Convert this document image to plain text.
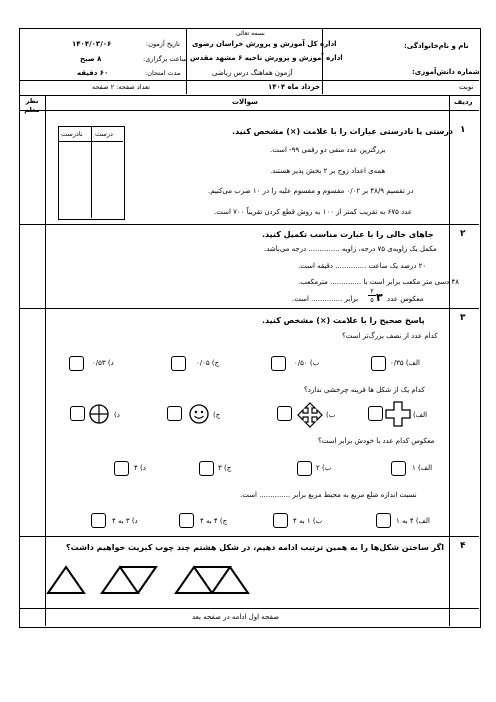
بسمه تعالی
اداره کل آموزش و پرورش خراسان رضوی
اداره آموزش و پرورش ناحیه ۶ مشهد مقدس
آزمون هماهنگ درس ریاضی
نام و نام‌خانوادگی:
شماره دانش‌آموزی:
نوبت
خرداد ماه ۱۴۰۴
تاریخ آزمون:
۱۴۰۴/۰۳/۰۶
ساعت برگزاری:
۸ صبح
مدت امتحان:
۶۰ دقیقه
تعداد صفحه: ۲ صفحه
ردیف
سوالات
نظر معلم
۱
درستی یا نادرستی عبارات را با علامت (×) مشخص کنید.
درست
نادرست
بزرگترین عدد منفی دو رقمی ۹۹- است.
همه‌ی اعداد زوج بر ۲ بخش پذیر هستند.
در تقسیم ۴۸/۹ بر ۰/۰۲ مقسوم و مقسوم علیه را در ۱۰ ضرب می‌کنیم.
عدد ۶۷۵ به تقریب کمتر از ۱۰۰ به روش قطع کردن تقریباً ۷۰۰ است.
۲
جاهای خالی را با عبارت مناسب تکمیل کنید.
مکمل یک زاویه‌ی ۷۵ درجه، زاویه .............. درجه می‌باشد.
۲۰ درصد یک ساعت .............. دقیقه است.
۴۸ دسی متر مکعب برابر است با .............. مترمکعب.
معکوس عدد
۳
۲
۵
برابر .............. است.
۳
پاسخ صحیح را با علامت (×) مشخص کنید.
کدام عدد از نصف بزرگ‌تر است؟
الف) ۰/۳۵
ب) ۰/۵۰
ج) ۰/۰۵
د) ۰/۵۳
کدام یک از شکل ها قرینه چرخشی ندارد؟
الف)
ب)
ج)
د)
معکوس کدام عدد با خودش برابر است؟
الف) ۱
ب) ۲
ج) ۳
د) ۴
نسبت اندازه ضلع مربع به محیط مربع برابر .............. است.
الف) ۴ به ۱
ب) ۱ به ۴
ج) ۴ به ۴
د) ۳ به ۴
۴
اگر ساختن شکل‌ها را به همین ترتیب ادامه دهیم، در شکل هشتم چند چوب کبریت خواهیم داشت؟
صفحه اول ادامه در صفحه بعد
